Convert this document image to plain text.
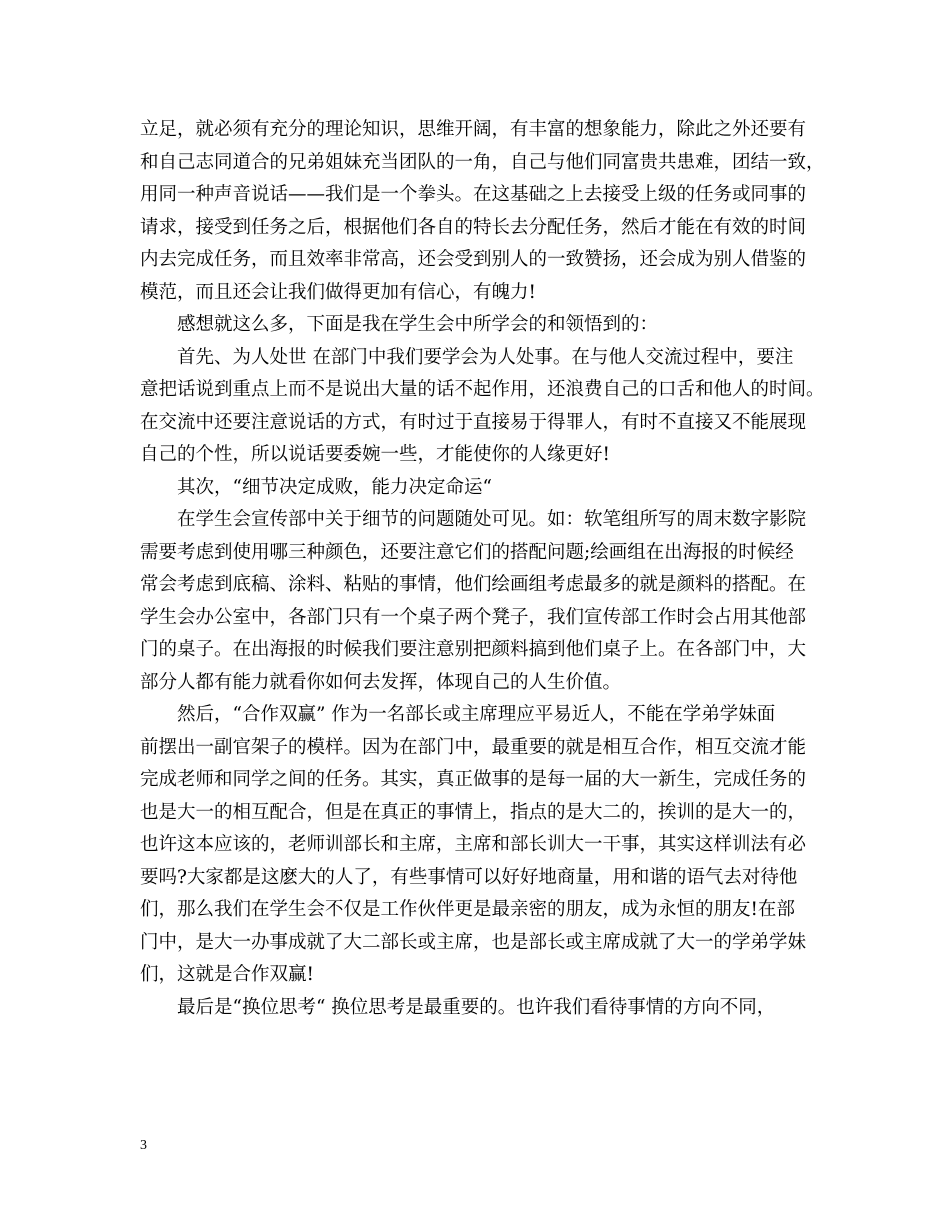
立足，就必须有充分的理论知识，思维开阔，有丰富的想象能力，除此之外还要有
和自己志同道合的兄弟姐妹充当团队的一角，自己与他们同富贵共患难，团结一致，
用同一种声音说话——我们是一个拳头。在这基础之上去接受上级的任务或同事的
请求，接受到任务之后，根据他们各自的特长去分配任务，然后才能在有效的时间
内去完成任务，而且效率非常高，还会受到别人的一致赞扬，还会成为别人借鉴的
模范，而且还会让我们做得更加有信心，有魄力!
感想就这么多，下面是我在学生会中所学会的和领悟到的：
首先、为人处世 在部门中我们要学会为人处事。在与他人交流过程中，要注
意把话说到重点上而不是说出大量的话不起作用，还浪费自己的口舌和他人的时间。
在交流中还要注意说话的方式，有时过于直接易于得罪人，有时不直接又不能展现
自己的个性，所以说话要委婉一些，才能使你的人缘更好!
其次，“细节决定成败，能力决定命运“
在学生会宣传部中关于细节的问题随处可见。如：软笔组所写的周末数字影院
需要考虑到使用哪三种颜色，还要注意它们的搭配问题;绘画组在出海报的时候经
常会考虑到底稿、涂料、粘贴的事情，他们绘画组考虑最多的就是颜料的搭配。在
学生会办公室中，各部门只有一个桌子两个凳子，我们宣传部工作时会占用其他部
门的桌子。在出海报的时候我们要注意别把颜料搞到他们桌子上。在各部门中，大
部分人都有能力就看你如何去发挥，体现自己的人生价值。
然后，“合作双赢” 作为一名部长或主席理应平易近人，不能在学弟学妹面
前摆出一副官架子的模样。因为在部门中，最重要的就是相互合作，相互交流才能
完成老师和同学之间的任务。其实，真正做事的是每一届的大一新生，完成任务的
也是大一的相互配合，但是在真正的事情上，指点的是大二的，挨训的是大一的，
也许这本应该的，老师训部长和主席，主席和部长训大一干事，其实这样训法有必
要吗?大家都是这麽大的人了，有些事情可以好好地商量，用和谐的语气去对待他
们，那么我们在学生会不仅是工作伙伴更是最亲密的朋友，成为永恒的朋友!在部
门中，是大一办事成就了大二部长或主席，也是部长或主席成就了大一的学弟学妹
们，这就是合作双赢!
最后是“换位思考“ 换位思考是最重要的。也许我们看待事情的方向不同，
3
